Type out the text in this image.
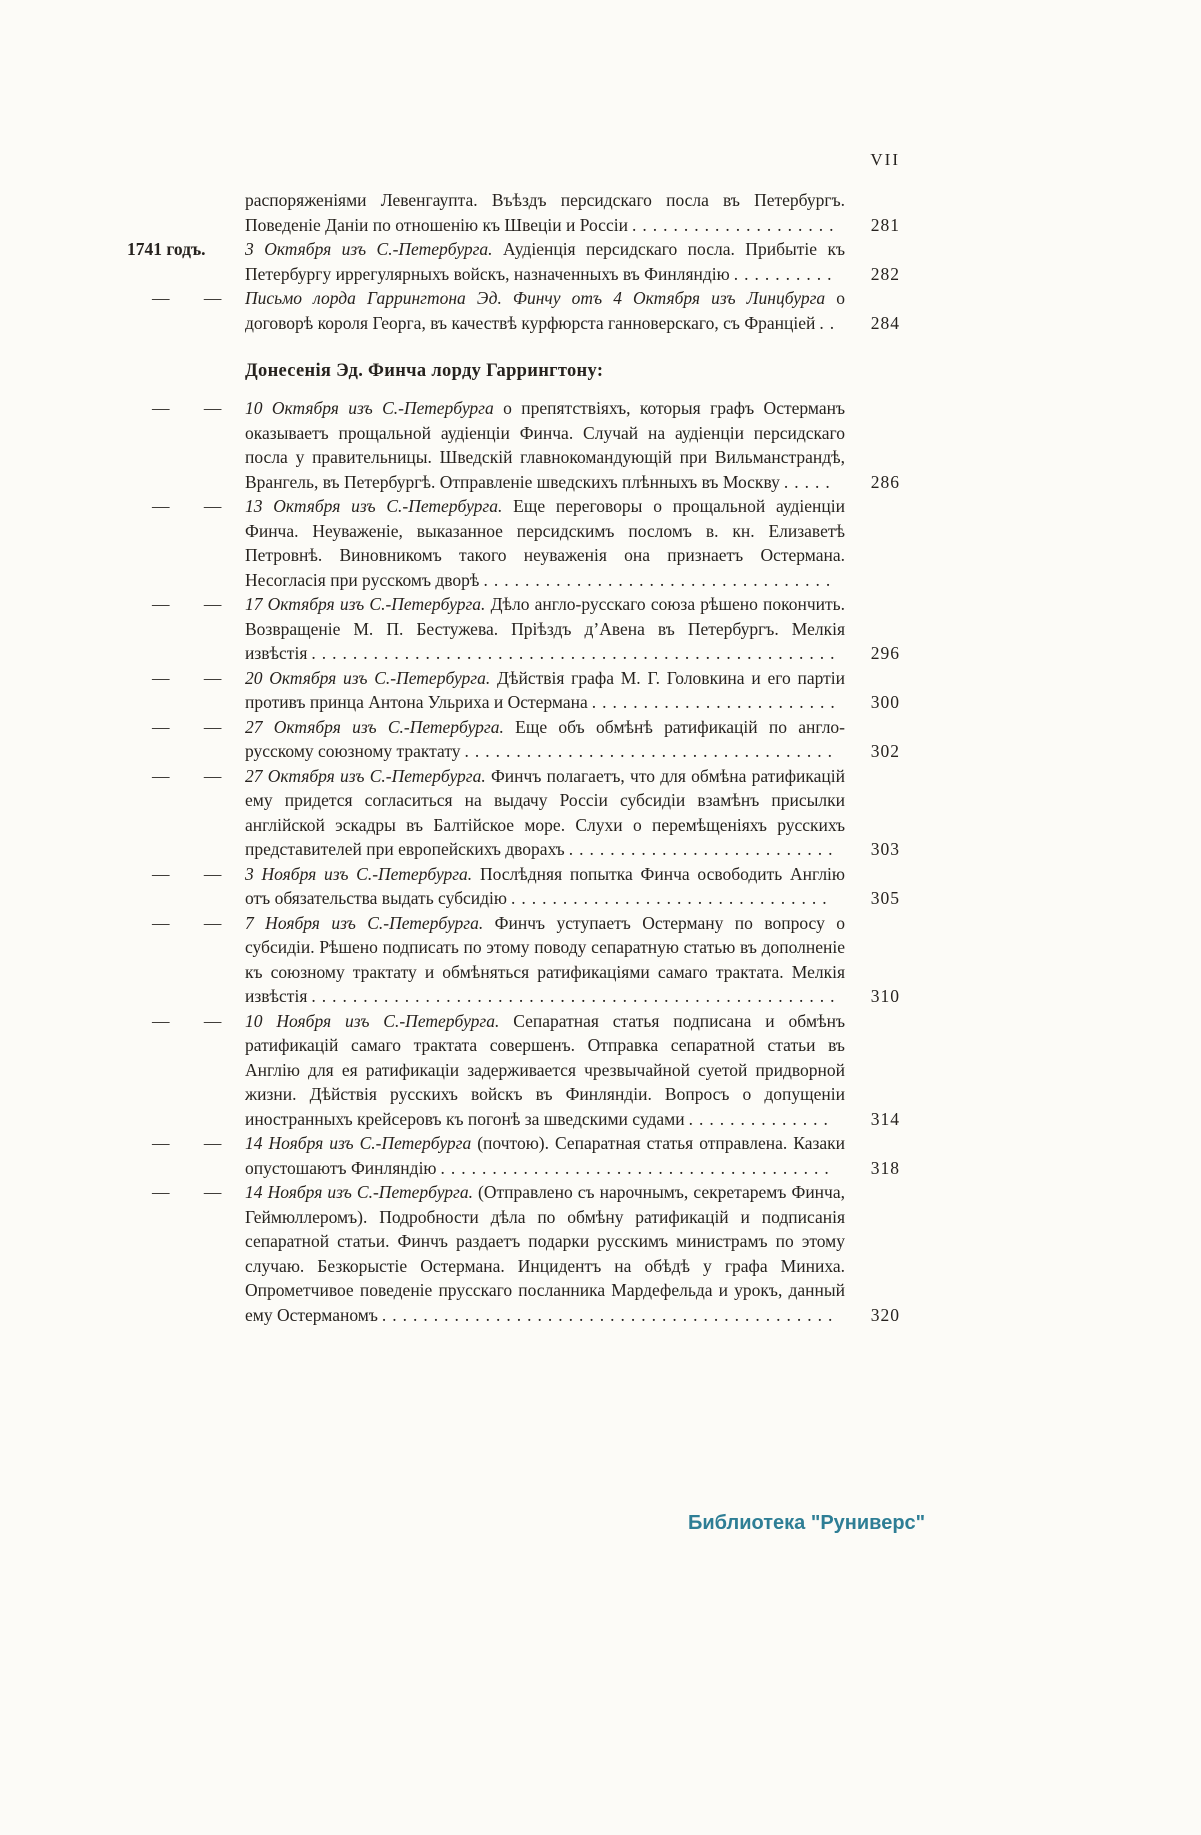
VII

распоряженіями Левенгаупта. Въѣздъ персидскаго посла въ Петербургъ. Поведеніе Даніи по отношенію къ Швеціи и Россіи ....................	281

1741 годъ.	3 Октября изъ С.-Петербурга. Аудіенція персидскаго посла. Прибытіе къ Петербургу иррегулярныхъ войскъ, назначенныхъ въ Финляндію ..........	282

— —	Письмо лорда Гаррингтона Эд. Финчу отъ 4 Октября изъ Линцбурга о договорѣ короля Георга, въ качествѣ курфюрста ганноверскаго, съ Франціей ..	284

Донесенія Эд. Финча лорду Гаррингтону:

— —	10 Октября изъ С.-Петербурга о препятствіяхъ, которыя графъ Остерманъ оказываетъ прощальной аудіенціи Финча. Случай на аудіенціи персидскаго посла у правительницы. Шведскій главнокомандующій при Вильманстрандѣ, Врангель, въ Петербургѣ. Отправленіе шведскихъ плѣнныхъ въ Москву .....	286

— —	13 Октября изъ С.-Петербурга. Еще переговоры о прощальной аудіенціи Финча. Неуваженіе, выказанное персидскимъ посломъ в. кн. Елизаветѣ Петровнѣ. Виновникомъ такого неуваженія она признаетъ Остермана. Несогласія при русскомъ дворѣ ..................................

— —	17 Октября изъ С.-Петербурга. Дѣло англо-русскаго союза рѣшено покончить. Возвращеніе М. П. Бестужева. Пріѣздъ д’Авена въ Петербургъ. Мелкія извѣстія ...................................................	296

— —	20 Октября изъ С.-Петербурга. Дѣйствія графа М. Г. Головкина и его партіи противъ принца Антона Ульриха и Остермана ........................	300

— —	27 Октября изъ С.-Петербурга. Еще объ обмѣнѣ ратификацій по англо-русскому союзному трактату ....................................	302

— —	27 Октября изъ С.-Петербурга. Финчъ полагаетъ, что для обмѣна ратификацій ему придется согласиться на выдачу Россіи субсидіи взамѣнъ присылки англійской эскадры въ Балтійское море. Слухи о перемѣщеніяхъ русскихъ представителей при европейскихъ дворахъ ..........................	303

— —	3 Ноября изъ С.-Петербурга. Послѣдняя попытка Финча освободить Англію отъ обязательства выдать субсидію ...............................	305

— —	7 Ноября изъ С.-Петербурга. Финчъ уступаетъ Остерману по вопросу о субсидіи. Рѣшено подписать по этому поводу сепаратную статью въ дополненіе къ союзному трактату и обмѣняться ратификаціями самаго трактата. Мелкія извѣстія ...................................................	310

— —	10 Ноября изъ С.-Петербурга. Сепаратная статья подписана и обмѣнъ ратификацій самаго трактата совершенъ. Отправка сепаратной статьи въ Англію для ея ратификаціи задерживается чрезвычайной суетой придворной жизни. Дѣйствія русскихъ войскъ въ Финляндіи. Вопросъ о допущеніи иностранныхъ крейсеровъ къ погонѣ за шведскими судами ..............	314

— —	14 Ноября изъ С.-Петербурга (почтою). Сепаратная статья отправлена. Казаки опустошаютъ Финляндію ......................................	318

— —	14 Ноября изъ С.-Петербурга. (Отправлено съ нарочнымъ, секретаремъ Финча, Геймюллеромъ). Подробности дѣла по обмѣну ратификацій и подписанія сепаратной статьи. Финчъ раздаетъ подарки русскимъ министрамъ по этому случаю. Безкорыстіе Остермана. Инцидентъ на обѣдѣ у графа Миниха. Опрометчивое поведеніе прусскаго посланника Мардефельда и урокъ, данный ему Остерманомъ ............................................	320

Библиотека "Руниверс"
